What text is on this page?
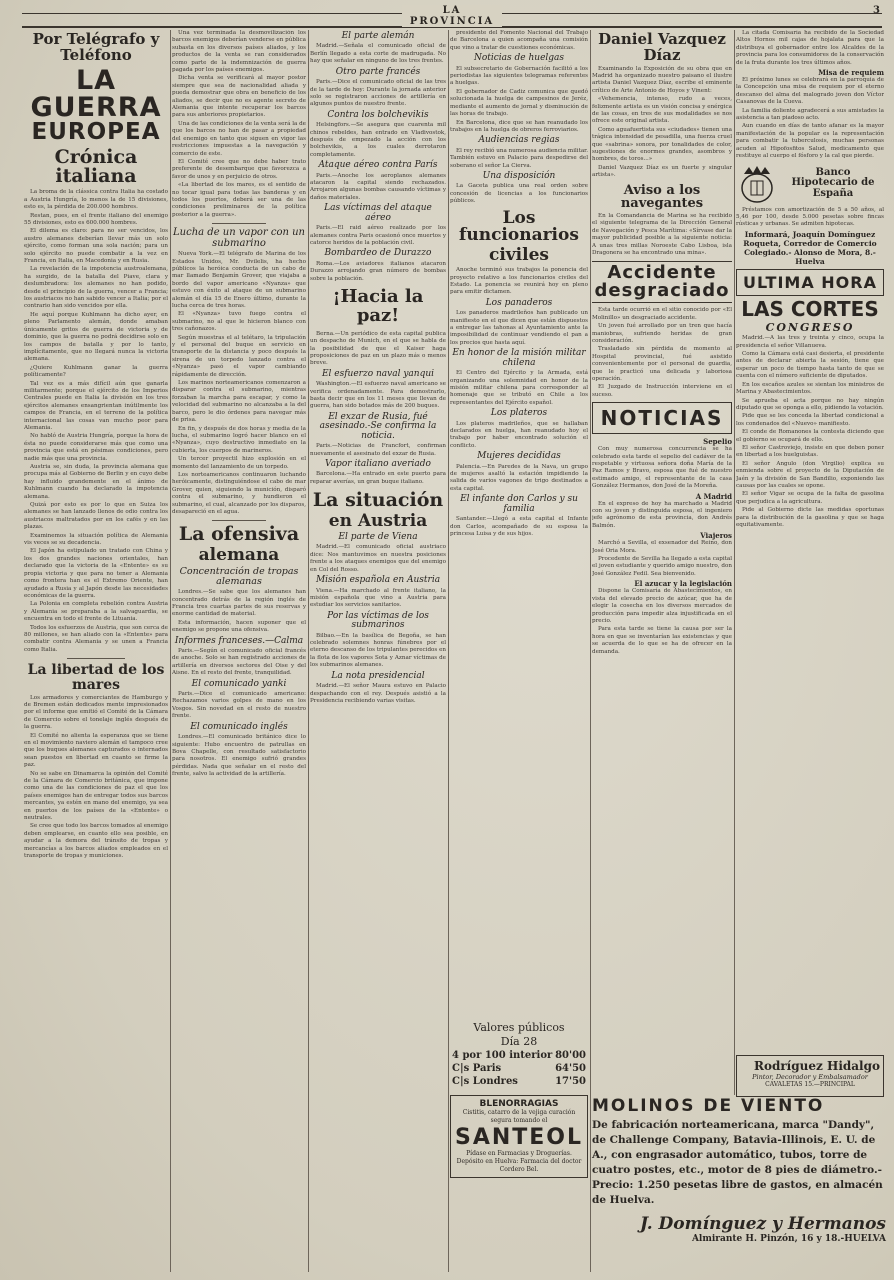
LA PROVINCIA
3
Por Telégrafo y Teléfono
LA GUERRA
EUROPEA
Crónica italiana

La broma de la clássica contra Italia ha costado a Austria Hungría, lo menos la de 15 divisiones, esto es, la pérdida de 200.000 hombres.

Restan, pues, en el frente italiano del enemigo 55 divisiones, esto es 600.000 hombres.

El dilema es claro: para no ser vencidos, los austro alemanes deberían llevar más un solo ejército, como forman una sola nación; para un solo ejército no puede combatir a la vez en Francia, en Italia, en Macedonia y en Rusia.

La revelación de la impotencia austroalemana, ha surgido, de la batalla del Piave, clara y deslumbradora: los alemanes no han podido, desde el principio de la guerra, vencer a Francia; los austriacos no han sabido vencer a Italia; por el contrario han sido vencidos por ella.

He aquí porque Kuhlmann ha dicho ayer, en pleno Parlamento alemán, donde amaban únicamente gritos de guerra de victoria y de dominio, que la guerra no podrá decidirse solo en los campos de batalla y por lo tanto, implícitamente, que no llegará nunca la victoria alemana.

¿Quiere Kuhlmann ganar la guerra políticamente?

Tal vez es a más difícil aún que ganarla militarmente; porque el ejército de los Imperios Centrales puede en Italia la división en los tres ejércitos alemanes ensangrientan inútilmente los campos de Francia, en el terreno de la política internacional las cosas van mucho peor para Alemania.

No habló de Austria Hungría, porque la hora de ésta no puede considerarse más que como una provincia que está en pésimas condiciones, pero nadie más que una provincia.

Austria se, sin duda, la provincia alemana que procupa más al Gobierno de Berlin y en cuyo debe hay influido grandemente en el ánimo de Kuhlmann cuando ha declarado la impotencia alemana.

Quizá por esto es por lo que en Suiza los alemanes se han lanzado llenos de odio contra los austriacos maltratados por en los cafés y en las plazas.

Examinemos la situación política de Alemania vis veces se su decadencia.

El Japón ha estipulado un tratado con China y los dos grandes naciones orientales, han declarado que la victoria de la «Entente» es su propia victoria y que para no tener a Alemania como frontera han es el Extremo Oriente, han ayudado a Rusia y al Japón desde las necesidades económicas de la guerra.

La Polonia en completa rebelión contra Austria y Alemania se preparaba a la salvaguardia, se encuentra en todo el frente de Lituania.

Todos los esfuerzos de Austria, que son cerca de 80 millones, se han aliado con la «Entente» para combatir contra Alemania y se unen a Francia como Italia.

La libertad de los mares

Los armadores y comerciantes de Hamburgo y de Bremen están dedicados mente impresionados por el informe que emitió el Comité de la Cámara de Comercio sobre el tonelaje inglés después de la guerra.

El Comité no alienta la esperanza que se tiene en el movimiento naviero alemán el tampoco cree que los buques alemanes capturados o internados sean puestos en libertad en cuanto se firme la paz.

No se sabe en Dinamarca la opinión del Comité de la Cámara de Comercio británica, que impone como una de las condiciones de paz el que los países enemigos han de entregar todos sus barcos mercantes, ya estén en mano del enemigo, ya sea en puertos de los países de la «Entente» o neutrales.

Se cree que todo los barcos tomados al enemigo deben emplearse, en cuanto ello sea posible, en ayudar a la demora del tránsito de tropas y mercancías a los barcos aliados empleados en el transporte de tropas y municiones.

Una vez terminada la desmovilización los barcos enemigos deberían venderse en pública subasta en los diversos países aliados, y los productos de la venta se ran considerados como parte de la indemnización de guerra pagada por los países enemigos.

Dicha venta se verificará al mayor postor siempre que sea de nacionalidad aliada y pueda demostrar que obra en beneficio de los aliados, se decir que no es agente secreto de Alemania que intente recuperar los barcos para sus anteriores propietarios.

Una de las condiciones de la venta será la de que los barcos no han de pasar a propiedad del enemigo en tanto que siguen en vigor las restricciones impuestas a la navegación y comercio de este.

El Comité cree que no debe haber trato preferente de desembarque que favorezca a favor de unos y en perjuicio de otros.

«La libertad de los mares, es el sentido de no tocar igual para todas las banderas y en todos los puertos, deberá ser una de las condiciones preliminares de la política posterior a la guerra».

Lucha de un vapor con un submarino

Nueva York.—El telégrafo de Marina de los Estados Unidos, Mr. Dvilelis, ha hecho públicos la heróica conducta de un cabo de mar llamado Benjamín Grover, que viajaba a bordo del vapor americano «Nyanza» que estuvo con éxito al ataque de un submarino alemán el día 15 de Enero último, durante la lucha cerca de tres horas.

El «Nyanza» tuvo fuego contra el submarino, no al que le hicieron blanco con tres cañonazos.

Según muestras el al telétaro, la tripulación y el personal del buque en servicio en transporte de la distancia y poco después la sirena de un torpedo lanzado contra el «Nyanza» pasó el vapor cambiando rápidamente de dirección.

Los marinos norteamericanos comenzaron a disparar contra el submarino, mientras forzaban la marcha para escapar, y como la velocidad del submarino no alcanzaba a la del barco, pero le dio órdenes para navegar más de prisa.

En fin, y después de dos horas y media de la lucha, el submarino logró hacer blanco en el «Nyanza», cuyo destructivo inmediato en la cubierta, los cuerpos de marineros.

Un tercer proyectil hizo explosión en el momento del lanzamiento de un torpedo.

Los norteamericanos continuaron luchando heróicamente, distinguiéndose el cabo de mar Grover, quien, siguiendo la munición, disparó contra el submarino, y hundieron el submarino, el cual, alcanzado por los disparos, desapareció en el agua.

La ofensiva
alemana
Concentración de tropas alemanas

Londres.—Se sabe que los alemanes han concentrado detrás de la región inglés de Francia tres cuartas partes de sus reservas y enorme cantidad de material.

Esta información, hacen suponer que el enemigo se propone una ofensiva.

Informes franceses.—Calma

Paris.—Según el comunicado oficial francés de anoche. Solo se han registrado acciones de artillería en diversos sectores del Oise y del Aisne. En el resto del frente, tranquilidad.

El comunicado yanki

Paris.—Dice el comunicado americano: Rechazamos varios golpes de mano en los Vosgos. Sin novedad en el resto de nuestro frente.

El comunicado inglés

Londres.—El comunicado británico dice lo siguiente: Hubo encuentro de patrullas en Bova Chapelle, con resultado satisfactorio para nosotros. El enemigo sufrió grandes pérdidas. Nada que señalar en el resto del frente, salvo la actividad de la artillería.

El parte alemán

Madrid.—Señala el comunicado oficial de Berlín llegado a esta corte de madrugada. No hay que señalar en ninguno de los tres frentes.

Otro parte francés

Paris.—Dice el comunicado oficial de las tres de la tarde de hoy: Durante la jornada anterior solo se registraron acciones de artillería en algunos puntos de nuestro frente.

Contra los bolchevikis

Helsingfors.—Se asegura que cuarenta mil chinos rebeldes, han entrado en Vladivostok, después de empezado la acción con los bolchevikis, a los cuales derrotaron completamente.

Ataque aéreo contra París

Paris.—Anoche los aeroplanos alemanes atacaron la capital siendo rechazados. Arrojaron algunas bombas causando víctimas y daños materiales.

Las víctimas del ataque aéreo

Paris.—El raid aéreo realizado por los alemanes contra Paris ocasionó once muertos y catorce heridos de la población civil.

Bombardeo de Durazzo

Roma.—Los aviadores italianos atacaron Durazzo arrojando gran número de bombas sobre la población.

¡Hacia la paz!

Berna.—Un periódico de esta capital publica un despacho de Munich, en el que se habla de la posibilidad de que el Kaiser haga proposiciones de paz en un plazo más o menos breve.

El esfuerzo naval yanqui

Washington.—El esfuerzo naval americano se verifica ordenadamente. Para demostrarlo, basta decir que en los 11 meses que llevan de guerra, han sido botados más de 200 buques.

El exzar de Rusia, fué asesinado.-Se confirma la noticia.

Paris.—Noticias de Francfort, confirman nuevamente el asesinato del exzar de Rusia.

Vapor italiano averiado

Barcelona.—Ha entrado en este puerto para reparar averías, un gran buque italiano.

La situación
en Austria
El parte de Viena

Madrid.—El comunicado oficial austriaco dice: Nos mantuvimos en nuestra posiciones frente a los ataques enemigos que del enemigo en Col del Rosso.

Misión española en Austria

Viena.—Ha marchado al frente italiano, la misión española que vino a Austria para estudiar los servicios sanitarios.

Por las víctimas de los submarinos

Bilbao.—En la basílica de Begoña, se han celebrado solemnes honras fúnebres por el eterno descanso de los tripulantes perecidos en la flota de los vapores Sota y Aznar víctimas de los submarinos alemanes.

La nota presidencial

Madrid.—El señor Maura estuvo en Palacio despachando con el rey. Después asistió a la Presidencia recibiendo varias visitas.

presidente del Fomento Nacional del Trabajo de Barcelona a quien acompaña una comisión que vino a tratar de cuestiones económicas.

Noticias de huelgas

El subsecretario de Gobernación facilitó a los periodistas las siguientes telegramas referentes a huelgas.

El gobernador de Cadiz comunica que quedó solucionada la huelga de campesinos de Jeréz, mediante el aumento de jornal y disminución de las horas de trabajo.

En Barcelona, dice que se han reanudado los trabajos en la huelga de obreros ferroviarios.

Audiencias regias

El rey recibió una numerosa audiencia militar. También estuvo en Palacio para despedirse del soberano el señor La Cierva.

Una disposición

La Gaceta publica una real orden sobre concesión de licencias a los funcionarios públicos.

Los funcionarios
civiles

Anoche terminó sus trabajos la ponencia del proyecto relativo a los funcionarios civiles del Estado. La ponencia se reunirá hoy en pleno para emitir dictamen.

Los panaderos

Los panaderos madrileños han publicado un manifiesto en el que dicen que están dispuestos a entregar las tahonas al Ayuntamiento ante la imposibilidad de continuar vendiendo el pan a los precios que hasta aquí.

En honor de la misión militar chilena

El Centro del Ejército y la Armada, está organizando una solemnidad en honor de la misión militar chilena para corresponder al homenaje que se tributó en Chile a los representantes del Ejército español.

Los plateros

Los plateros madrileños, que se hallaban declarados en huelga, han reanudado hoy el trabajo por haber encontrado solución el conflicto.

Mujeres decididas

Palencia.—En Paredes de la Nava, un grupo de mujeres asaltó la estación impidiendo la salida de varios vagones de trigo destinados a esta capital.

El infante don Carlos y su familia

Santander.—Llegó a esta capital el Infante don Carlos, acompañado de su esposa la princesa Luisa y de sus hijos.

Valores públicos
Día 28
4 por 100 interior 80'00
C|s Paris	64'50
C|s Londres	17'50
BLENORRAGIAS
Cistitis, catarro de la vejiga curación segura tomando el
SANTEOL
Pídase en Farmacias y Droguerías. Depósito en Huelva: Farmacia del doctor Cordero Bel.
Daniel Vazquez Díaz

Examinando la Exposición de su obra que en Madrid ha organizado nuestro paisano el ilustre artista Daniel Vazquez Díaz, escribe el eminente crítico de Arte Antonio de Hoyos y Vinent:

«Vehemencia, intenso, rudo a veces, felizmente artista es un visión concisa y enérgica de las cosas, en tres de sus modalidades se nos ofrece este original artista.

Como aguafuertista sus «ciudades» tienen una trágica intensidad de pesadilla, una fuerza cruel que «sabrina» sonora, por tonalidades de color, sugestiones de enormes grandes, asombros y hombres, de toros...»

Daniel Vazquez Díaz es un fuerte y singular artista».

Aviso a los navegantes

En la Comandancia de Marina se ha recibido el siguiente telegrama de la Dirección General de Navegación y Pesca Marítima: «Sírvase dar la mayor publicidad posible a la siguiente noticia: A unas tres millas Noroeste Cabo Lisboa, isla Dragonera se ha encontrado una mina».

Accidente desgraciado

Esta tarde ocurrió en el sitio conocido por «El Molinillo» un desgraciado accidente.

Un joven fué arrollado por un tren que hacía maniobras, sufriendo heridas de gran consideración.

Trasladado sin pérdida de momento al Hospital provincial, fué asistido convenientemente por el personal de guardia, que le practicó una delicada y laboriosa operación.

El Juzgado de Instrucción interviene en el suceso.

NOTICIAS
Sepelio

Con muy numerosa concurrencia se ha celebrado esta tarde el sepelio del cadáver de la respetable y virtuosa señora doña María de la Paz Ramos y Bravo, esposa que fué de nuestro estimado amigo, el representante de la casa González Hermanos, don José de la Moreña.

A Madrid

En el expreso de hoy ha marchado a Madrid con su joven y distinguida esposa, el ingeniero jefe agrónomo de esta provincia, don Andrés Balmón.

Viajeros

Marchó a Sevilla, el exsenador del Reino, don José Oria Mora.

Procedente de Sevilla ha llegado a esta capital el joven estudiante y querido amigo nuestro, don José González Fedil. Sea bienvenido.

El azucar y la legislación

Dispone la Comisaría de Abastecimientos, en vista del elevado precio de azúcar, que ha de elegir la cosecha en los diversos mercados de producción para impedir alza injustificada en el precio.

Para esta tarde se tiene la causa por ser la hora en que se inventarían las existencias y que se acuerda de lo que se ha de ofrecer en la demanda.

La citada Comisaría ha recibido de la Sociedad Altos Hornos mil cajas de hojalata para que la distribuya el gobernador entre los Alcaldes de la provincia para los consumidores de la conservación de la fruta durante los tres últimos años.

Misa de requiem

El próximo lunes se celebrará en la parroquia de la Concepción una misa de requiem por el eterno descanso del alma del malogrado joven don Víctor Casanovas de la Cueva.

La familia doliente agradecerá a sus amistades la asistencia a tan piadoso acto.

Aun cuando en días de tanto afanar es la mayor manifestación de la popular es la representación para combatir la tuberculosis, muchas personas acuden al Hipofosfitos Salud, medicamento que restituye al cuerpo el fósforo y la cal que pierde.

Banco Hipotecario de España

Préstamos con amortización de 5 a 50 años, al 5,46 por 100, desde 5.000 pesetas sobre fincas rústicas y urbanas. Se admiten hipotecas.

Informará, Joaquín Domínguez Roqueta, Corredor de Comercio Colegiado.- Alonso de Mora, 8.- Huelva
ULTIMA HORA
LAS CORTES
CONGRESO

Madrid.—A las tres y treinta y cinco, ocupa la presidencia el señor Villanueva.

Como la Cámara está casi desierta, el presidente antes de declarar abierta la sesión, tiene que esperar un poco de tiempo hasta tanto de que se cuenta con el número suficiente de diputados.

En los escaños azules se sientan los ministros de Marina y Abastecimientos.

Se aprueba el acta porque no hay ningún diputado que se oponga a ello, pidiendo la votación.

Pide que se les conceda la libertad condicional a los condenados del «Nuevo» manifiesto.

El conde de Romanones la contesta diciendo que el gobierno se ocupará de ello.

El señor Castroviejo, insiste en que deben poner en libertad a los huelguistas.

El señor Angulo (don Virgilio) explica su enmienda sobre el proyecto de la Diputación de Jaén y la división de San Bandilio, exponiendo las causas por las cuales se opone.

El señor Vigar se ocupa de la falta de gasolina que perjudica a la agricultura.

Pide al Gobierno dicte las medidas oportunas para la distribución de la gasolina y que se haga equitativamente.

Rodríguez Hidalgo
Pintor, Decorador y Embalsamador
CAVALETAS 15.—PRINCIPAL
MOLINOS DE VIENTO
De fabricación norteamericana, marca "Dandy", de Challenge Company, Batavia-Illinois, E. U. de A., con engrasador automático, tubos, torre de cuatro postes, etc., motor de 8 pies de diámetro.-Precio: 1.250 pesetas libre de gastos, en almacén de Huelva.
J. Domínguez y Hermanos
Almirante H. Pinzón, 16 y 18.-HUELVA
